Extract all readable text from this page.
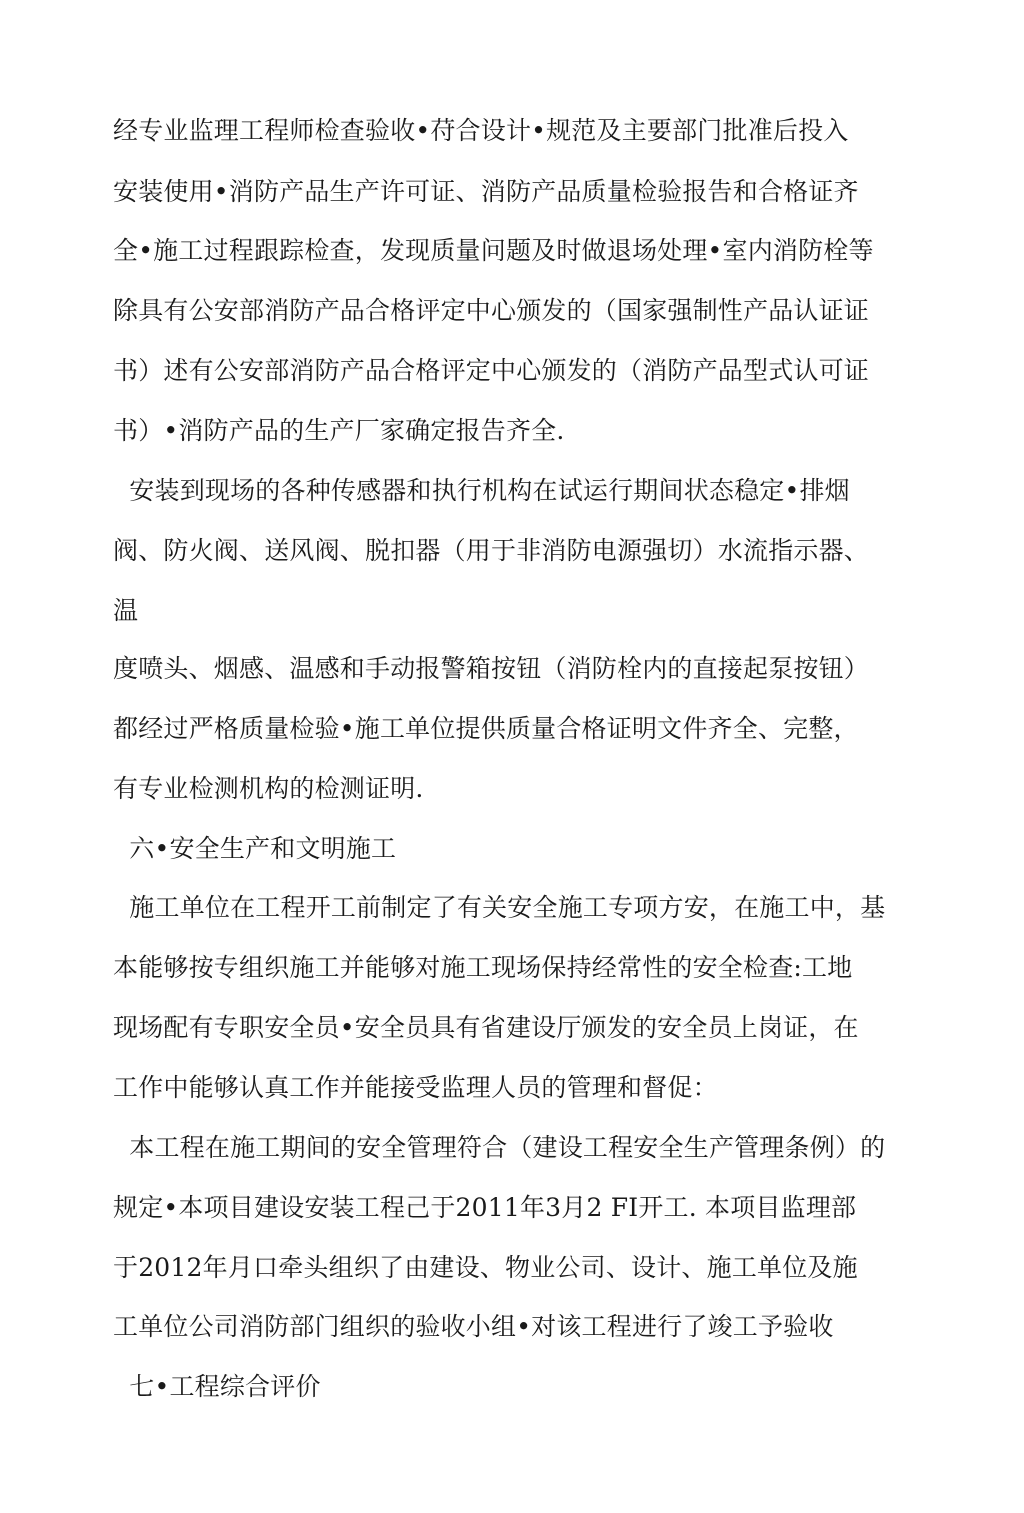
经专业监理工程师检查验收•苻合设计•规范及主要部门批准后投入
安装使用•消防产品生产许可证、消防产品质量检验报告和合格证齐
全•施工过程跟踪检查，发现质量问题及时做退场处理•室内消防栓等
除具有公安部消防产品合格评定中心颁发的（国家强制性产品认证证
书）述有公安部消防产品合格评定中心颁发的（消防产品型式认可证
书）•消防产品的生产厂家确定报告齐全.
安装到现场的各种传感器和执行机构在试运行期间状态稳定•排烟
阀、防火阀、送风阀、脱扣器（用于非消防电源强切）水流指示器、
温
度喷头、烟感、温感和手动报警箱按钮（消防栓内的直接起泵按钮）
都经过严格质量检验•施工单位提供质量合格证明文件齐全、完整，
有专业检测机构的检测证明.
六•安全生产和文明施工
施工单位在工程开工前制定了有关安全施工专项方安，在施工中，基
本能够按专组织施工并能够对施工现场保持经常性的安全检查:工地
现场配有专职安全员•安全员具有省建设厅颁发的安全员上岗证，在
工作中能够认真工作并能接受监理人员的管理和督促：
本工程在施工期间的安全管理符合（建设工程安全生产管理条例）的
规定•本项目建设安装工程己于2011年3月2 FI开工. 本项目监理部
于2012年月口牵头组织了由建设、物业公司、设计、施工单位及施
工单位公司消防部门组织的验收小组•对该工程进行了竣工予验收
七•工程综合评价
